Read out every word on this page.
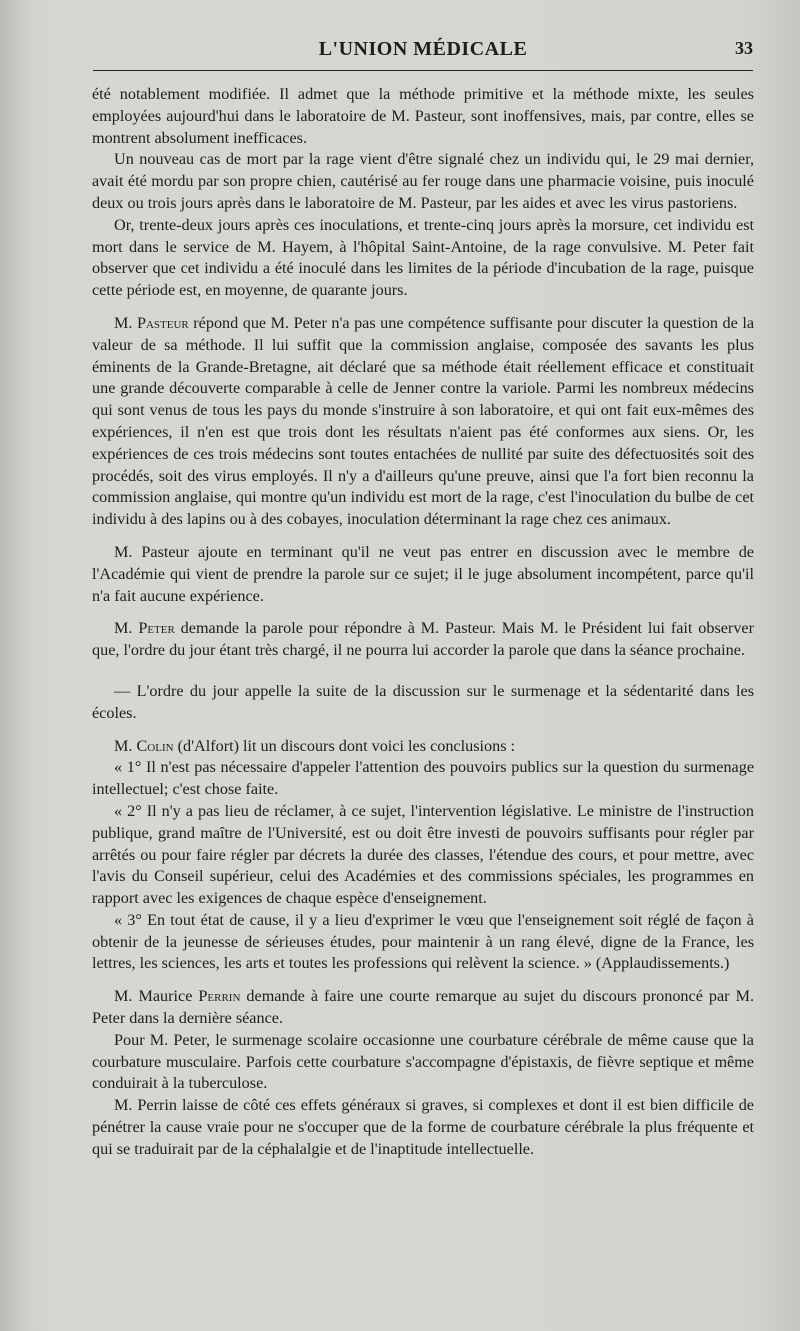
L'UNION MÉDICALE	33

été notablement modifiée. Il admet que la méthode primitive et la méthode mixte, les seules employées aujourd'hui dans le laboratoire de M. Pasteur, sont inoffensives, mais, par contre, elles se montrent absolument inefficaces.

Un nouveau cas de mort par la rage vient d'être signalé chez un individu qui, le 29 mai dernier, avait été mordu par son propre chien, cautérisé au fer rouge dans une pharmacie voisine, puis inoculé deux ou trois jours après dans le laboratoire de M. Pasteur, par les aides et avec les virus pastoriens.

Or, trente-deux jours après ces inoculations, et trente-cinq jours après la morsure, cet individu est mort dans le service de M. Hayem, à l'hôpital Saint-Antoine, de la rage convulsive. M. Peter fait observer que cet individu a été inoculé dans les limites de la période d'incubation de la rage, puisque cette période est, en moyenne, de quarante jours.

M. Pasteur répond que M. Peter n'a pas une compétence suffisante pour discuter la question de la valeur de sa méthode. Il lui suffit que la commission anglaise, composée des savants les plus éminents de la Grande-Bretagne, ait déclaré que sa méthode était réellement efficace et constituait une grande découverte comparable à celle de Jenner contre la variole. Parmi les nombreux médecins qui sont venus de tous les pays du monde s'instruire à son laboratoire, et qui ont fait eux-mêmes des expériences, il n'en est que trois dont les résultats n'aient pas été conformes aux siens. Or, les expériences de ces trois médecins sont toutes entachées de nullité par suite des défectuosités soit des procédés, soit des virus employés. Il n'y a d'ailleurs qu'une preuve, ainsi que l'a fort bien reconnu la commission anglaise, qui montre qu'un individu est mort de la rage, c'est l'inoculation du bulbe de cet individu à des lapins ou à des cobayes, inoculation déterminant la rage chez ces animaux.

M. Pasteur ajoute en terminant qu'il ne veut pas entrer en discussion avec le membre de l'Académie qui vient de prendre la parole sur ce sujet; il le juge absolument incompétent, parce qu'il n'a fait aucune expérience.

M. Peter demande la parole pour répondre à M. Pasteur. Mais M. le Président lui fait observer que, l'ordre du jour étant très chargé, il ne pourra lui accorder la parole que dans la séance prochaine.

— L'ordre du jour appelle la suite de la discussion sur le surmenage et la sédentarité dans les écoles.

M. Colin (d'Alfort) lit un discours dont voici les conclusions :

« 1° Il n'est pas nécessaire d'appeler l'attention des pouvoirs publics sur la question du surmenage intellectuel; c'est chose faite.

« 2° Il n'y a pas lieu de réclamer, à ce sujet, l'intervention législative. Le ministre de l'instruction publique, grand maître de l'Université, est ou doit être investi de pouvoirs suffisants pour régler par arrêtés ou pour faire régler par décrets la durée des classes, l'étendue des cours, et pour mettre, avec l'avis du Conseil supérieur, celui des Académies et des commissions spéciales, les programmes en rapport avec les exigences de chaque espèce d'enseignement.

« 3° En tout état de cause, il y a lieu d'exprimer le vœu que l'enseignement soit réglé de façon à obtenir de la jeunesse de sérieuses études, pour maintenir à un rang élevé, digne de la France, les lettres, les sciences, les arts et toutes les professions qui relèvent la science. » (Applaudissements.)

M. Maurice Perrin demande à faire une courte remarque au sujet du discours prononcé par M. Peter dans la dernière séance.

Pour M. Peter, le surmenage scolaire occasionne une courbature cérébrale de même cause que la courbature musculaire. Parfois cette courbature s'accompagne d'épistaxis, de fièvre septique et même conduirait à la tuberculose.

M. Perrin laisse de côté ces effets généraux si graves, si complexes et dont il est bien difficile de pénétrer la cause vraie pour ne s'occuper que de la forme de courbature cérébrale la plus fréquente et qui se traduirait par de la céphalalgie et de l'inaptitude intellectuelle.
